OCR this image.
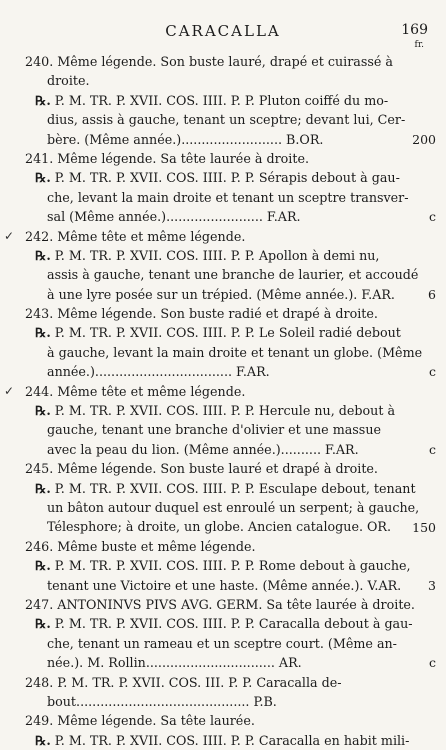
CARACALLA	169
fr.
240. Même légende. Son buste lauré, drapé et cuirassé à
droite.
℞. P. M. TR. P. XVII. COS. IIII. P. P. Pluton coiffé du mo-
dius, assis à gauche, tenant un sceptre; devant lui, Cer-
bère. (Même année.)......................... B.OR.
241. Même légende. Sa tête laurée à droite.
℞. P. M. TR. P. XVII. COS. IIII. P. P. Sérapis debout à gau-
che, levant la main droite et tenant un sceptre transver-
sal (Même année.)........................ F.AR.
242. Même tête et même légende.
℞. P. M. TR. P. XVII. COS. IIII. P. P. Apollon à demi nu,
assis à gauche, tenant une branche de laurier, et accoudé
à une lyre posée sur un trépied. (Même année.). F.AR.
243. Même légende. Son buste radié et drapé à droite.
℞. P. M. TR. P. XVII. COS. IIII. P. P. Le Soleil radié debout
à gauche, levant la main droite et tenant un globe. (Même
année.).................................. F.AR.
244. Même tête et même légende.
℞. P. M. TR. P. XVII. COS. IIII. P. P. Hercule nu, debout à
gauche, tenant une branche d'olivier et une massue
avec la peau du lion. (Même année.).......... F.AR.
245. Même légende. Son buste lauré et drapé à droite.
℞. P. M. TR. P. XVII. COS. IIII. P. P. Esculape debout, tenant
un bâton autour duquel est enroulé un serpent; à gauche,
Télesphore; à droite, un globe. Ancien catalogue. OR.
246. Même buste et même légende.
℞. P. M. TR. P. XVII. COS. IIII. P. P. Rome debout à gauche,
tenant une Victoire et une haste. (Même année.). V.AR.
247. ANTONINVS PIVS AVG. GERM. Sa tête laurée à droite.
℞. P. M. TR. P. XVII. COS. IIII. P. P. Caracalla debout à gau-
che, tenant un rameau et un sceptre court. (Même an-
née.). M. Rollin................................ AR.
248. P. M. TR. P. XVII. COS. III. P. P. Caracalla de-
bout........................................... P.B.
249. Même légende. Sa tête laurée.
℞. P. M. TR. P. XVII. COS. IIII. P. P. Caracalla en habit mili-
200
c
✓
6
c
✓
c
150
3
c
